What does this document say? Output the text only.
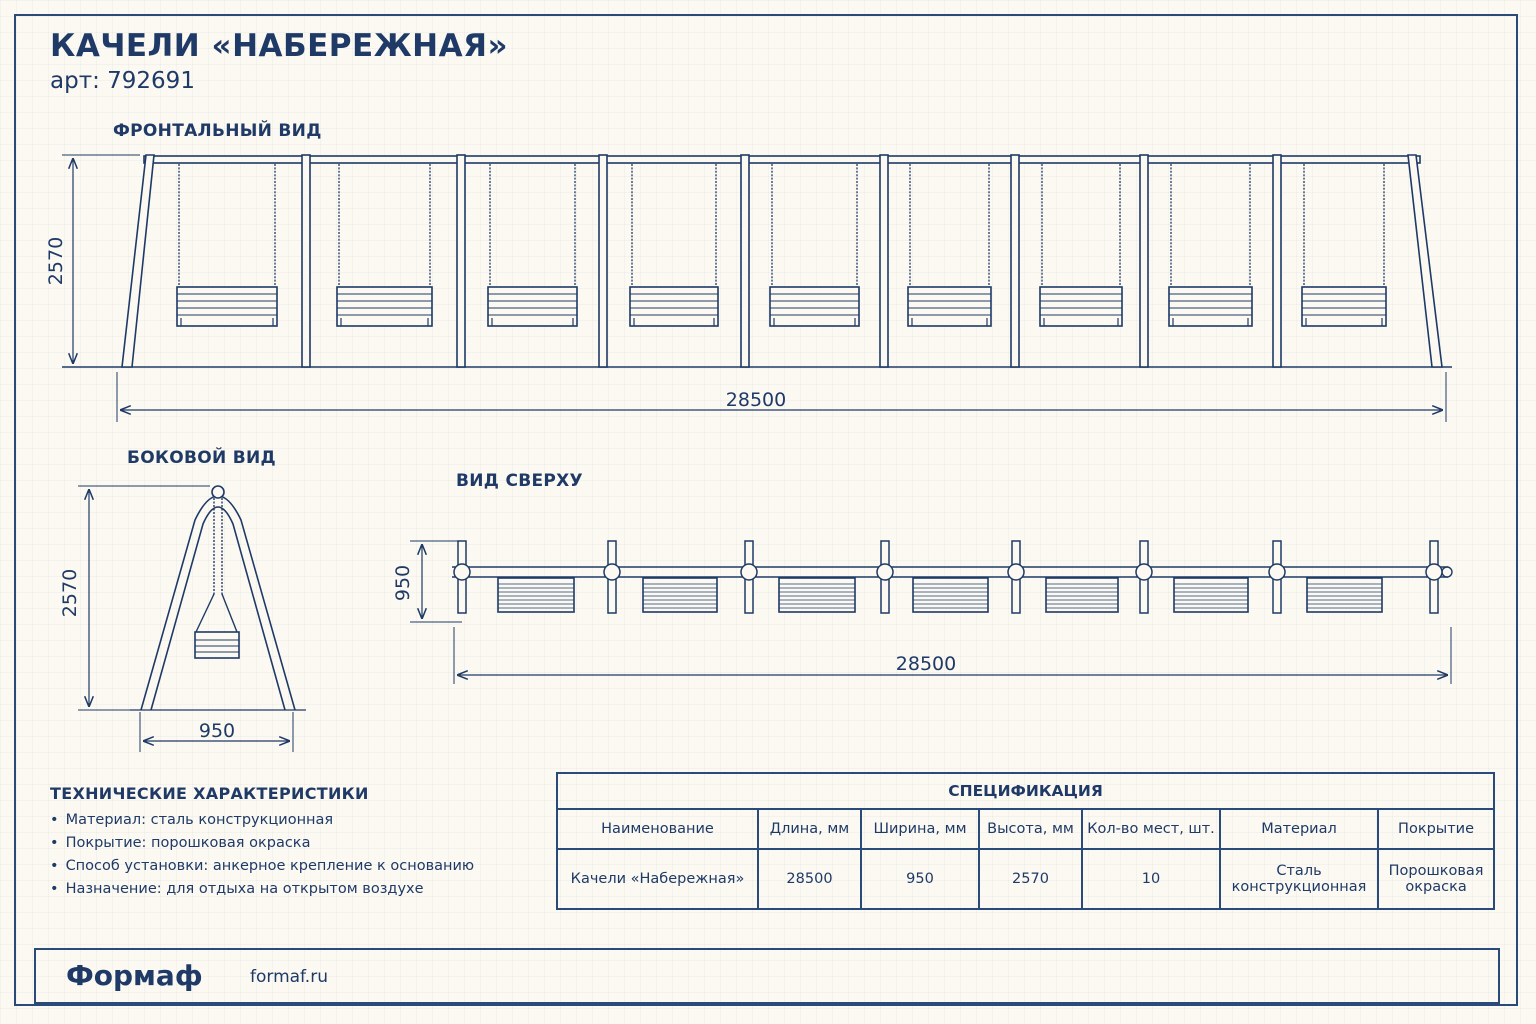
КАЧЕЛИ «НАБЕРЕЖНАЯ»
арт: 792691
ФРОНТАЛЬНЫЙ ВИД
БОКОВОЙ ВИД
ВИД СВЕРХУ
2570
28500
2570
950
950
28500
ТЕХНИЧЕСКИЕ ХАРАКТЕРИСТИКИ
• Материал: сталь конструкционная
• Покрытие: порошковая окраска
• Способ установки: анкерное крепление к основанию
• Назначение: для отдыха на открытом воздухе
СПЕЦИФИКАЦИЯ						
Наименование	Длина, мм	Ширина, мм	Высота, мм	Кол-во мест, шт.	Материал	Покрытие
Качели «Набережная»	28500	950	2570	10	Сталь конструкционная	Порошковая окраска
Формаф	formaf.ru
